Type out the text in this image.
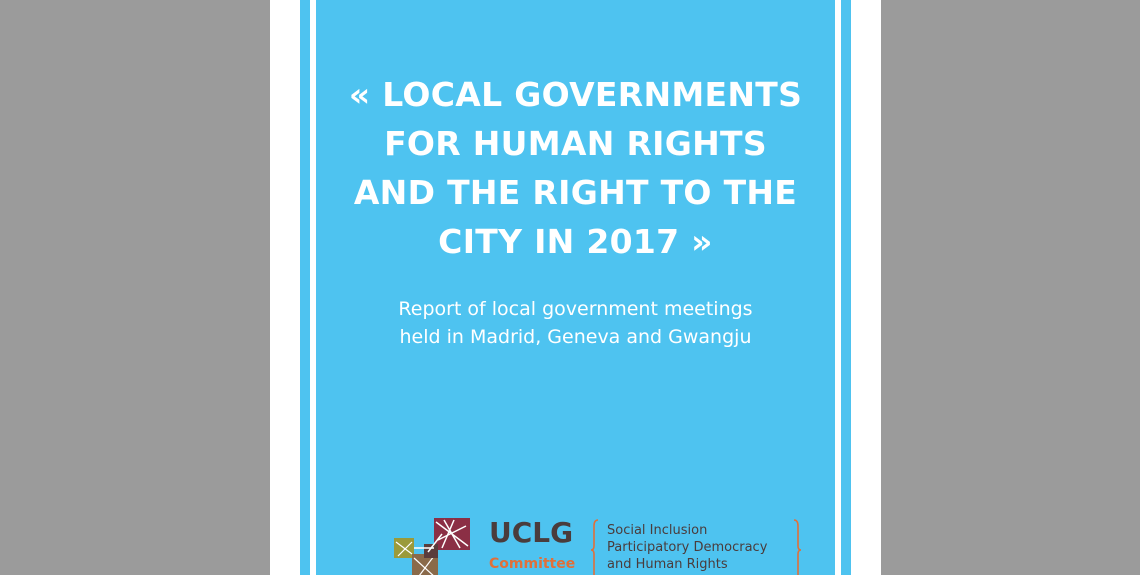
« LOCAL GOVERNMENTS
FOR HUMAN RIGHTS
AND THE RIGHT TO THE
CITY IN 2017 »
Report of local government meetings
held in Madrid, Geneva and Gwangju
UCLG
Committee
Social Inclusion
Participatory Democracy
and Human Rights
